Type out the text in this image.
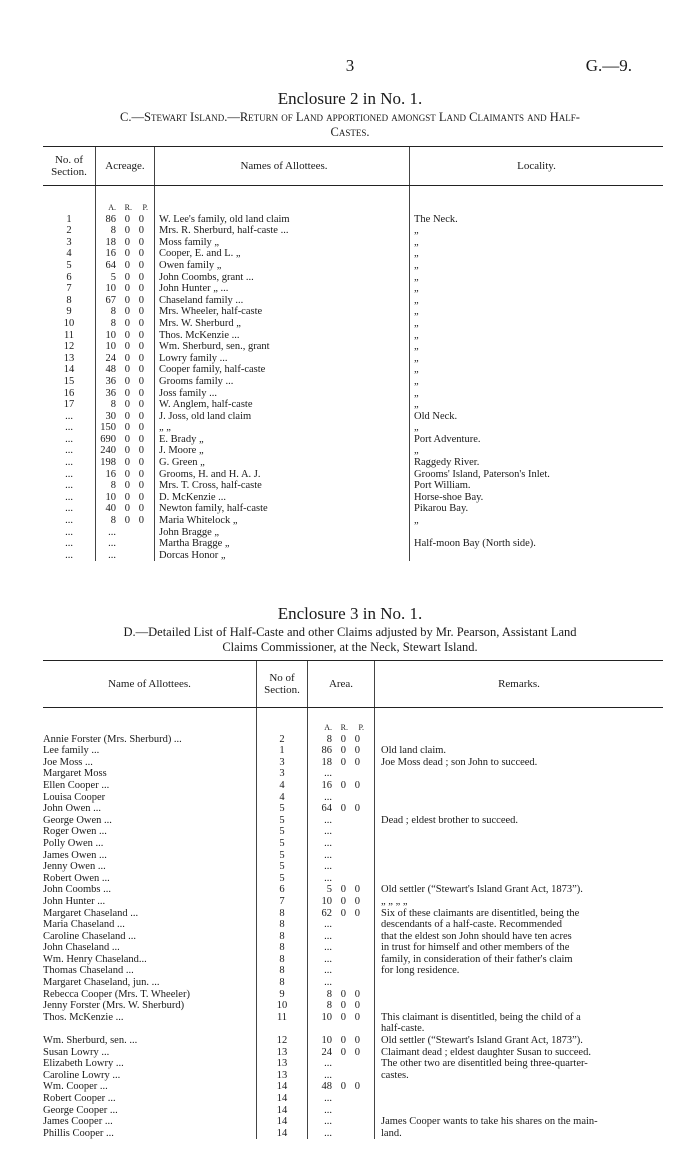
3	G.—9.
Enclosure 2 in No. 1.
C.—Stewart Island.—Return of Land apportioned amongst Land Claimants and Half-
Castes.
No. of Section.	Acreage.	Names of Allottees.	Locality.

	A. R. P.		
1	86 0 0	W. Lee's family, old land claim	The Neck.
2	8 0 0	Mrs. R. Sherburd, half-caste ...	„
3	18 0 0	Moss family „	„
4	16 0 0	Cooper, E. and L. „	„
5	64 0 0	Owen family „	„
6	5 0 0	John Coombs, grant ...	„
7	10 0 0	John Hunter „ ...	„
8	67 0 0	Chaseland family ...	„
9	8 0 0	Mrs. Wheeler, half-caste	„
10	8 0 0	Mrs. W. Sherburd „	„
11	10 0 0	Thos. McKenzie ...	„
12	10 0 0	Wm. Sherburd, sen., grant	„
13	24 0 0	Lowry family ...	„
14	48 0 0	Cooper family, half-caste	„
15	36 0 0	Grooms family ...	„
16	36 0 0	Joss family ...	„
17	8 0 0	W. Anglem, half-caste	„
...	30 0 0	J. Joss, old land claim	Old Neck.
...	150 0 0	„ „	„
...	690 0 0	E. Brady „	Port Adventure.
...	240 0 0	J. Moore „	„
...	198 0 0	G. Green „	Raggedy River.
...	16 0 0	Grooms, H. and H. A. J.	Grooms' Island, Paterson's Inlet.
...	8 0 0	Mrs. T. Cross, half-caste	Port William.
...	10 0 0	D. McKenzie ...	Horse-shoe Bay.
...	40 0 0	Newton family, half-caste	Pikarou Bay.
...	8 0 0	Maria Whitelock „	„
...	...	John Bragge „	
...	...	Martha Bragge „	Half-moon Bay (North side).
...	...	Dorcas Honor „	
Enclosure 3 in No. 1.
D.—Detailed List of Half-Caste and other Claims adjusted by Mr. Pearson, Assistant Land
Claims Commissioner, at the Neck, Stewart Island.
Name of Allottees.	No of Section.	Area.	Remarks.

		A. R. P.	
Annie Forster (Mrs. Sherburd) ...	2	8 0 0	
Lee family ...	1	86 0 0	Old land claim.
Joe Moss ...	3	18 0 0	Joe Moss dead ; son John to succeed.
Margaret Moss	3	...	
Ellen Cooper ...	4	16 0 0	
Louisa Cooper	4	...	
John Owen ...	5	64 0 0	
George Owen ...	5	...	Dead ; eldest brother to succeed.
Roger Owen ...	5	...	
Polly Owen ...	5	...	
James Owen ...	5	...	
Jenny Owen ...	5	...	
Robert Owen ...	5	...	
John Coombs ...	6	5 0 0	Old settler (“Stewart's Island Grant Act, 1873”).
John Hunter ...	7	10 0 0	„ „ „ „
Margaret Chaseland ...	8	62 0 0	Six of these claimants are disentitled, being the
Maria Chaseland ...	8	...	descendants of a half-caste. Recommended
Caroline Chaseland ...	8	...	that the eldest son John should have ten acres
John Chaseland ...	8	...	in trust for himself and other members of the
Wm. Henry Chaseland...	8	...	family, in consideration of their father's claim
Thomas Chaseland ...	8	...	for long residence.
Margaret Chaseland, jun. ...	8	...	
Rebecca Cooper (Mrs. T. Wheeler)	9	8 0 0	
Jenny Forster (Mrs. W. Sherburd)	10	8 0 0	
Thos. McKenzie ...	11	10 0 0	This claimant is disentitled, being the child of a
			half-caste.
Wm. Sherburd, sen. ...	12	10 0 0	Old settler (“Stewart's Island Grant Act, 1873”).
Susan Lowry ...	13	24 0 0	Claimant dead ; eldest daughter Susan to succeed.
Elizabeth Lowry ...	13	...	The other two are disentitled being three-quarter-
Caroline Lowry ...	13	...	castes.
Wm. Cooper ...	14	48 0 0	
Robert Cooper ...	14	...	
George Cooper ...	14	...	
James Cooper ...	14	...	James Cooper wants to take his shares on the main-
Phillis Cooper ...	14	...	land.
